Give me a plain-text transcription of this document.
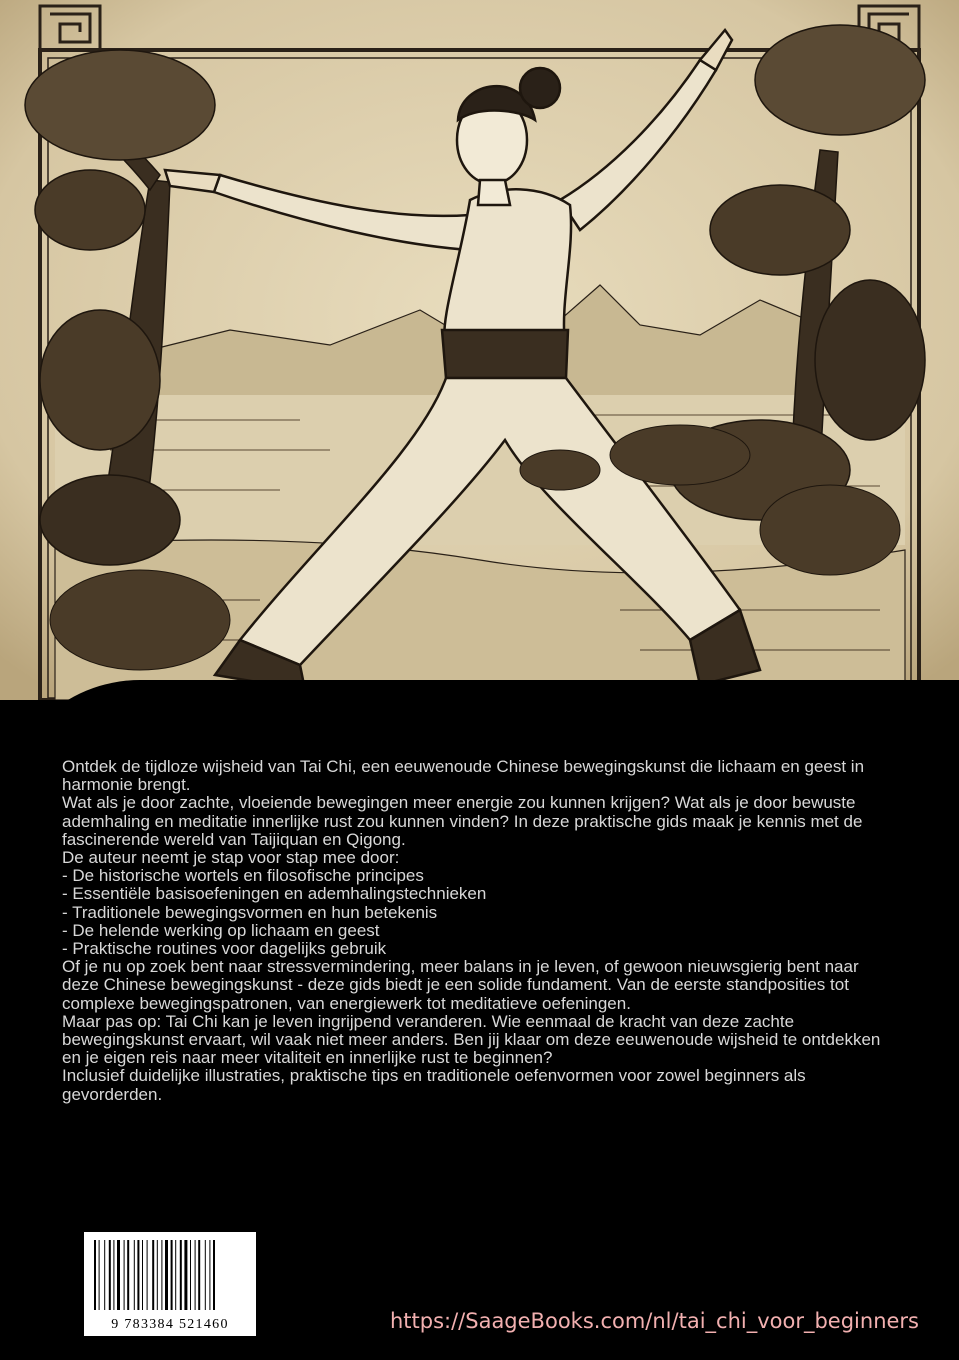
Ontdek de tijdloze wijsheid van Tai Chi, een eeuwenoude Chinese bewegingskunst die lichaam en geest in harmonie brengt.

Wat als je door zachte, vloeiende bewegingen meer energie zou kunnen krijgen? Wat als je door bewuste ademhaling en meditatie innerlijke rust zou kunnen vinden? In deze praktische gids maak je kennis met de fascinerende wereld van Taijiquan en Qigong.

De auteur neemt je stap voor stap mee door:

- De historische wortels en filosofische principes

- Essentiële basisoefeningen en ademhalingstechnieken

- Traditionele bewegingsvormen en hun betekenis

- De helende werking op lichaam en geest

- Praktische routines voor dagelijks gebruik

Of je nu op zoek bent naar stressvermindering, meer balans in je leven, of gewoon nieuwsgierig bent naar deze Chinese bewegingskunst - deze gids biedt je een solide fundament. Van de eerste standposities tot complexe bewegingspatronen, van energiewerk tot meditatieve oefeningen.

Maar pas op: Tai Chi kan je leven ingrijpend veranderen. Wie eenmaal de kracht van deze zachte bewegingskunst ervaart, wil vaak niet meer anders. Ben jij klaar om deze eeuwenoude wijsheid te ontdekken en je eigen reis naar meer vitaliteit en innerlijke rust te beginnen?

Inclusief duidelijke illustraties, praktische tips en traditionele oefenvormen voor zowel beginners als gevorderden.

9 783384 521460	https://SaageBooks.com/nl/tai_chi_voor_beginners
